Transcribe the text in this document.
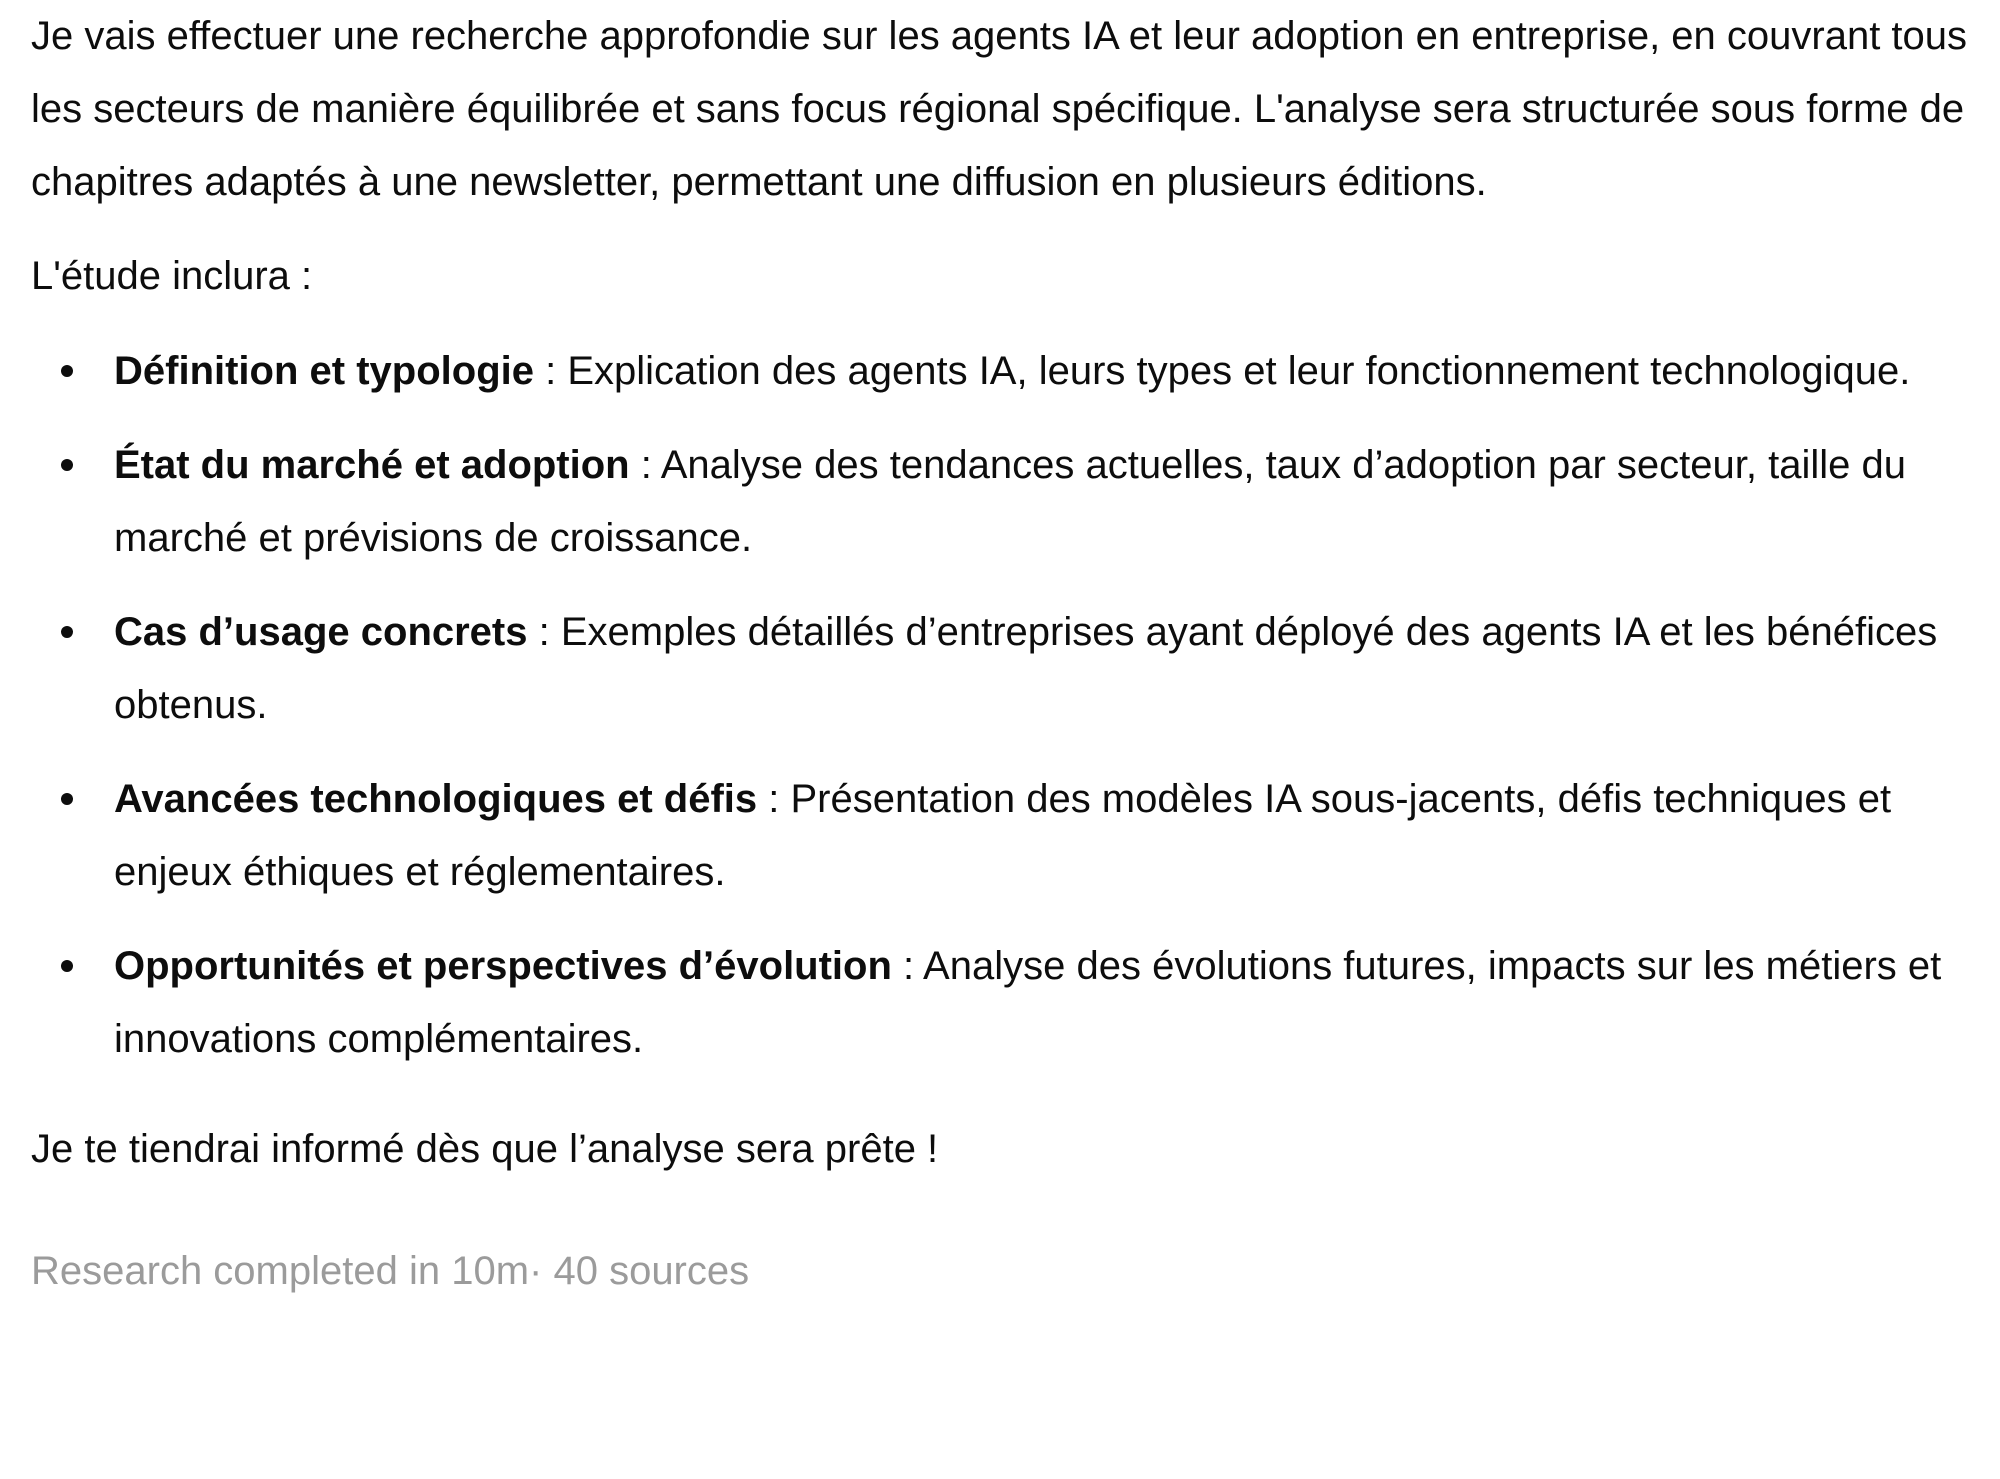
Je vais effectuer une recherche approfondie sur les agents IA et leur adoption en entreprise, en couvrant tous les secteurs de manière équilibrée et sans focus régional spécifique. L'analyse sera structurée sous forme de chapitres adaptés à une newsletter, permettant une diffusion en plusieurs éditions.

L'étude inclura :

Définition et typologie : Explication des agents IA, leurs types et leur fonctionnement technologique.
État du marché et adoption : Analyse des tendances actuelles, taux d’adoption par secteur, taille du marché et prévisions de croissance.
Cas d’usage concrets : Exemples détaillés d’entreprises ayant déployé des agents IA et les bénéfices obtenus.
Avancées technologiques et défis : Présentation des modèles IA sous-jacents, défis techniques et enjeux éthiques et réglementaires.
Opportunités et perspectives d’évolution : Analyse des évolutions futures, impacts sur les métiers et innovations complémentaires.

Je te tiendrai informé dès que l’analyse sera prête !

Research completed in 10m· 40 sources
